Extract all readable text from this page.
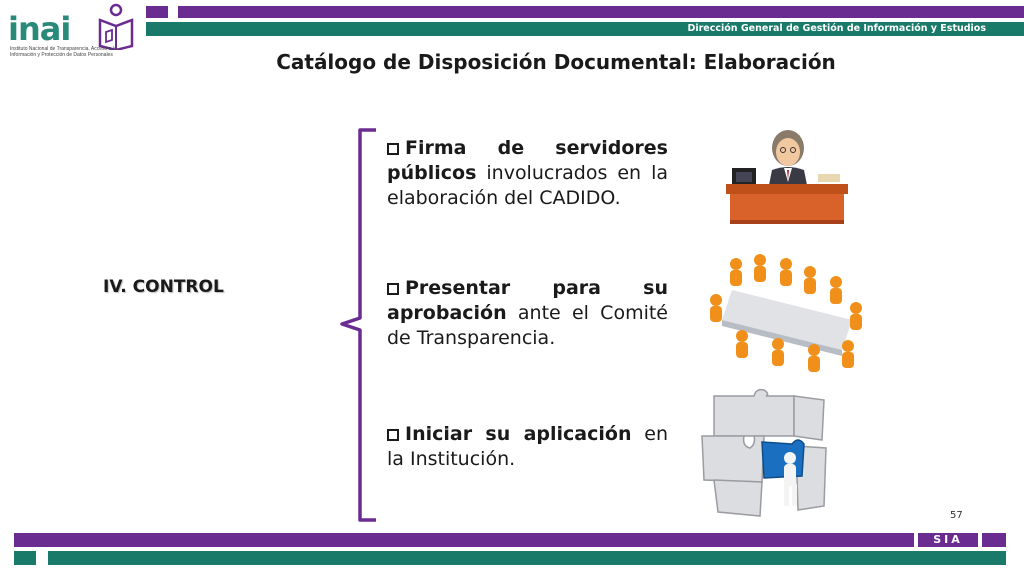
Dirección General de Gestión de Información y Estudios
inai
Instituto Nacional de Transparencia, Acceso a la Información y Protección de Datos Personales	Catálogo de Disposición Documental: Elaboración
IV. CONTROL
Firma de servidores públicos involucrados en la elaboración del CADIDO.
Presentar para su aprobación ante el Comité de Transparencia.
Iniciar su aplicación en la Institución.
57
SIA
